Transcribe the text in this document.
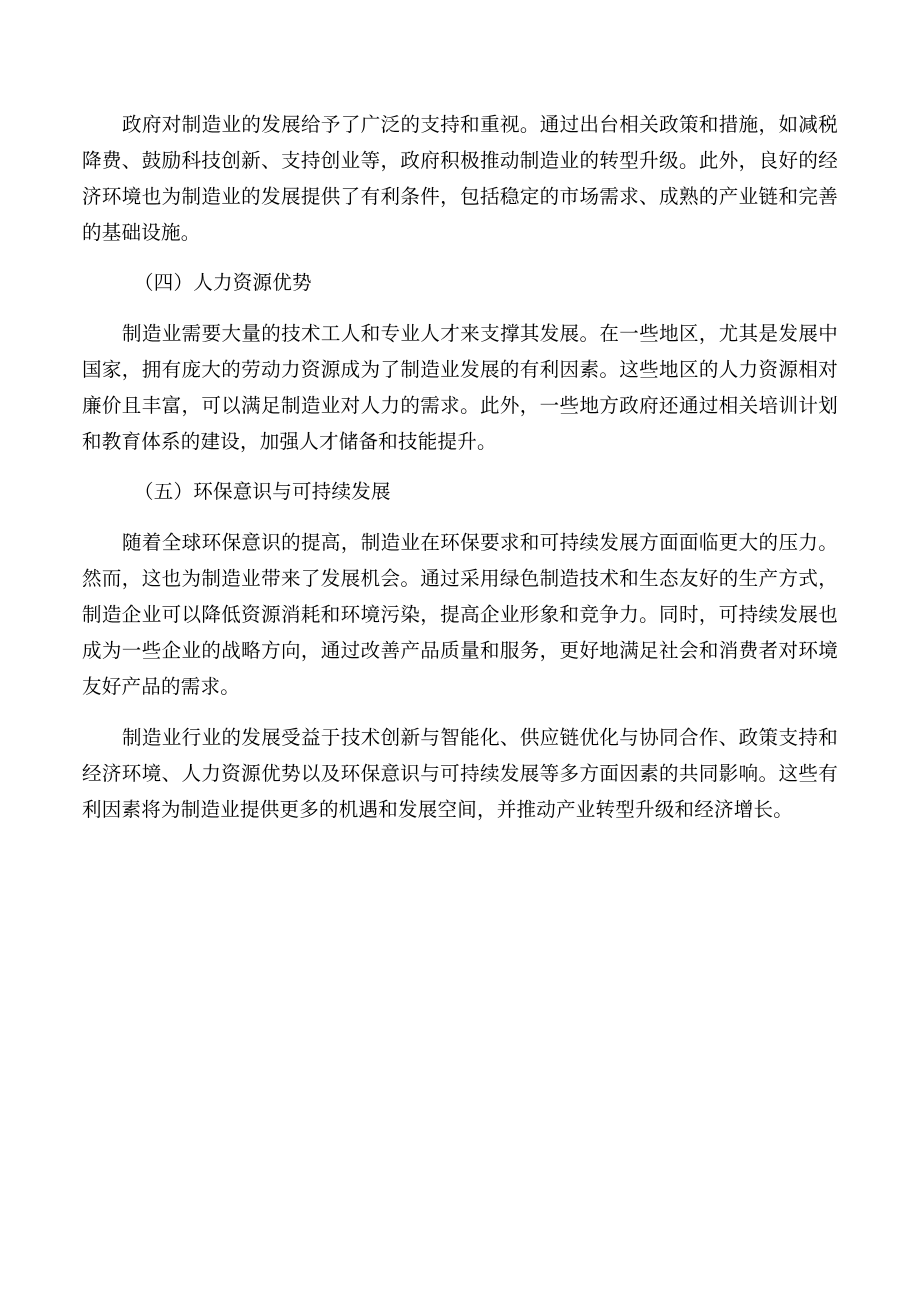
政府对制造业的发展给予了广泛的支持和重视。通过出台相关政策和措施，如减税降费、鼓励科技创新、支持创业等，政府积极推动制造业的转型升级。此外，良好的经济环境也为制造业的发展提供了有利条件，包括稳定的市场需求、成熟的产业链和完善的基础设施。

（四）人力资源优势

制造业需要大量的技术工人和专业人才来支撑其发展。在一些地区，尤其是发展中国家，拥有庞大的劳动力资源成为了制造业发展的有利因素。这些地区的人力资源相对廉价且丰富，可以满足制造业对人力的需求。此外，一些地方政府还通过相关培训计划和教育体系的建设，加强人才储备和技能提升。

（五）环保意识与可持续发展

随着全球环保意识的提高，制造业在环保要求和可持续发展方面面临更大的压力。然而，这也为制造业带来了发展机会。通过采用绿色制造技术和生态友好的生产方式，制造企业可以降低资源消耗和环境污染，提高企业形象和竞争力。同时，可持续发展也成为一些企业的战略方向，通过改善产品质量和服务，更好地满足社会和消费者对环境友好产品的需求。

制造业行业的发展受益于技术创新与智能化、供应链优化与协同合作、政策支持和经济环境、人力资源优势以及环保意识与可持续发展等多方面因素的共同影响。这些有利因素将为制造业提供更多的机遇和发展空间，并推动产业转型升级和经济增长。
